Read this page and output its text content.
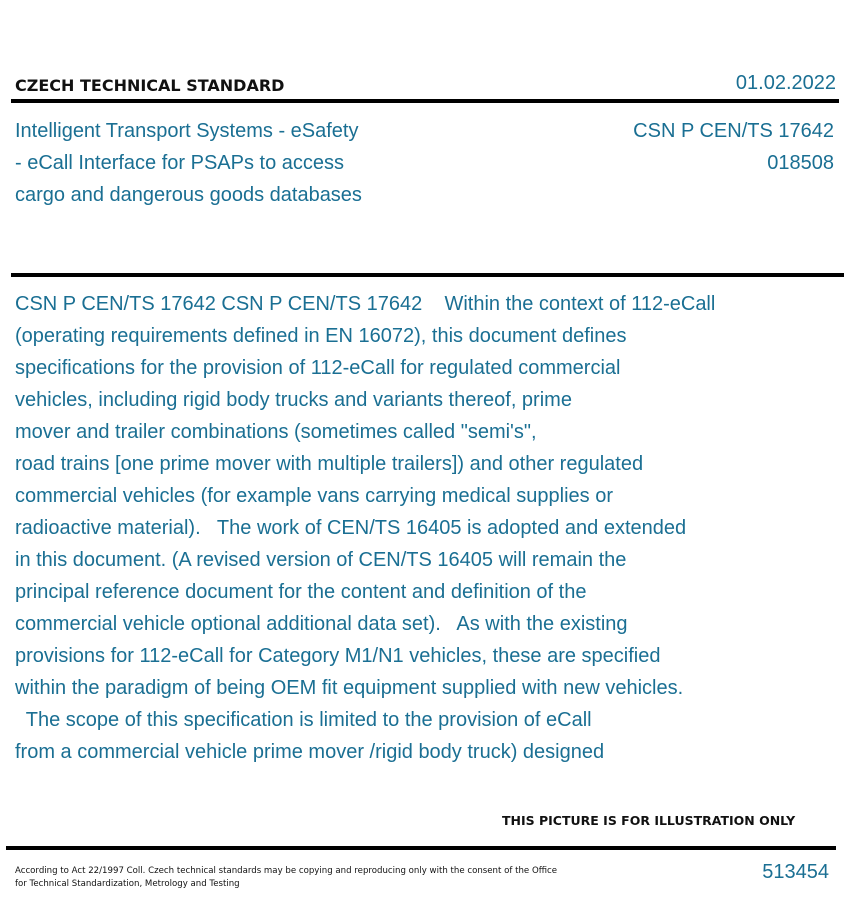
CZECH TECHNICAL STANDARD	01.02.2022
Intelligent Transport Systems - eSafety
- eCall Interface for PSAPs to access
cargo and dangerous goods databases
CSN P CEN/TS 17642
018508
CSN P CEN/TS 17642 CSN P CEN/TS 17642    Within the context of 112-eCall
(operating requirements defined in EN 16072), this document defines
specifications for the provision of 112-eCall for regulated commercial
vehicles, including rigid body trucks and variants thereof, prime
mover and trailer combinations (sometimes called "semi's",
road trains [one prime mover with multiple trailers]) and other regulated
commercial vehicles (for example vans carrying medical supplies or
radioactive material).   The work of CEN/TS 16405 is adopted and extended
in this document. (A revised version of CEN/TS 16405 will remain the
principal reference document for the content and definition of the
commercial vehicle optional additional data set).   As with the existing
provisions for 112-eCall for Category M1/N1 vehicles, these are specified
within the paradigm of being OEM fit equipment supplied with new vehicles.
The scope of this specification is limited to the provision of eCall
from a commercial vehicle prime mover /rigid body truck) designed
THIS PICTURE IS FOR ILLUSTRATION ONLY
According to Act 22/1997 Coll. Czech technical standards may be copying and reproducing only with the consent of the Office
for Technical Standardization, Metrology and Testing
513454
